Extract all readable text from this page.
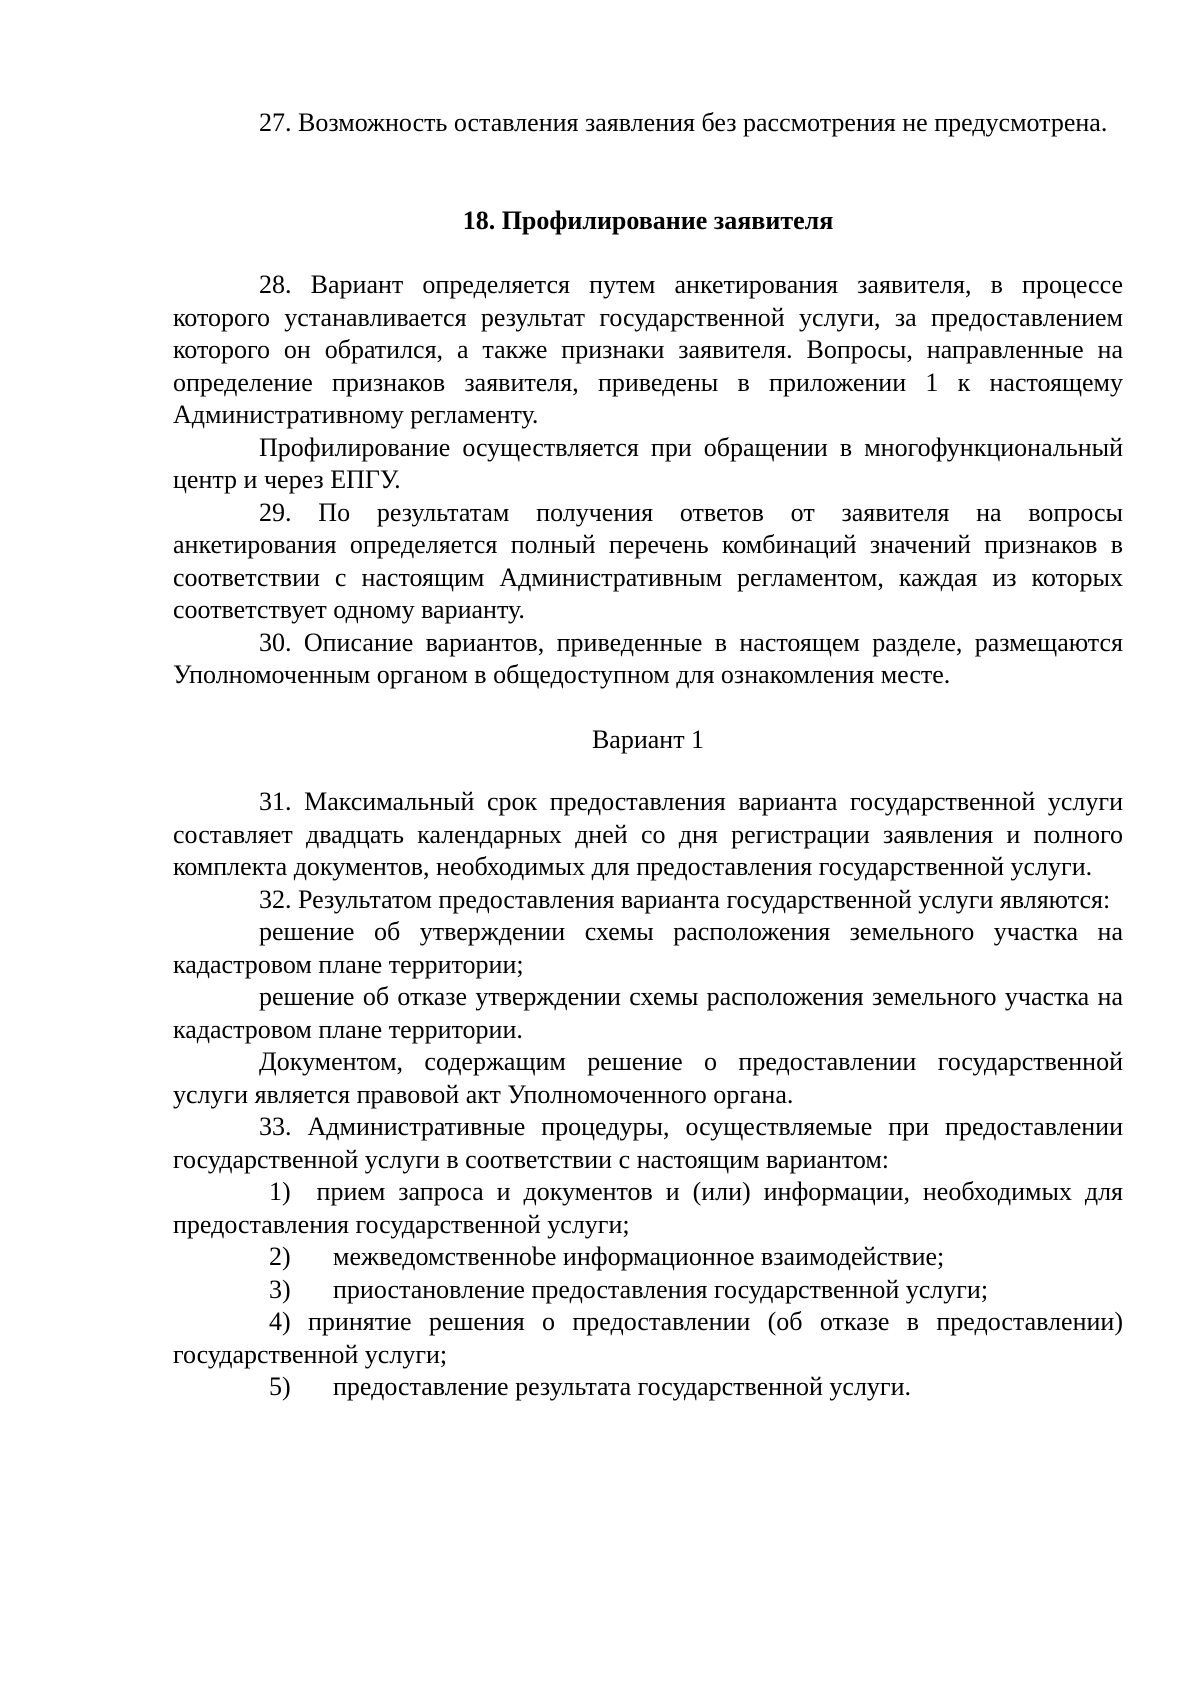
27. Возможность оставления заявления без рассмотрения не предусмотрена.

18. Профилирование заявителя

28. Вариант определяется путем анкетирования заявителя, в процессе которого устанавливается результат государственной услуги, за предоставлением которого он обратился, а также признаки заявителя. Вопросы, направленные на определение признаков заявителя, приведены в приложении 1 к настоящему Административному регламенту.

Профилирование осуществляется при обращении в многофункциональный центр и через ЕПГУ.

29. По результатам получения ответов от заявителя на вопросы анкетирования определяется полный перечень комбинаций значений признаков в соответствии с настоящим Административным регламентом, каждая из которых соответствует одному варианту.

30. Описание вариантов, приведенные в настоящем разделе, размещаются Уполномоченным органом в общедоступном для ознакомления месте.

Вариант 1

31. Максимальный срок предоставления варианта государственной услуги составляет двадцать календарных дней со дня регистрации заявления и полного комплекта документов, необходимых для предоставления государственной услуги.

32. Результатом предоставления варианта государственной услуги являются:

решение об утверждении схемы расположения земельного участка на кадастровом плане территории;

решение об отказе утверждении схемы расположения земельного участка на кадастровом плане территории.

Документом, содержащим решение о предоставлении государственной услуги является правовой акт Уполномоченного органа.

33. Административные процедуры, осуществляемые при предоставлении государственной услуги в соответствии с настоящим вариантом:

1) прием запроса и документов и (или) информации, необходимых для предоставления государственной услуги;

2) межведомственноbе информационное взаимодействие;

3) приостановление предоставления государственной услуги;

4) принятие решения о предоставлении (об отказе в предоставлении) государственной услуги;

5) предоставление результата государственной услуги.
